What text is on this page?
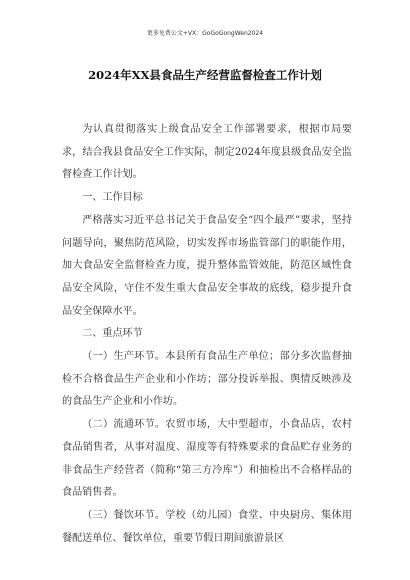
更多免费公文+VX：GoGoGongWen2024
2024年XX县食品生产经营监督检查工作计划

为认真贯彻落实上级食品安全工作部署要求，根据市局要求，结合我县食品安全工作实际，制定2024年度县级食品安全监督检查工作计划。

一、工作目标

严格落实习近平总书记关于食品安全“四个最严”要求，坚持问题导向，聚焦防范风险，切实发挥市场监管部门的职能作用，加大食品安全监督检查力度，提升整体监管效能，防范区域性食品安全风险，守住不发生重大食品安全事故的底线，稳步提升食品安全保障水平。

二、重点环节

（一）生产环节。本县所有食品生产单位；部分多次监督抽检不合格食品生产企业和小作坊；部分投诉举报、舆情反映涉及的食品生产企业和小作坊。

（二）流通环节。农贸市场，大中型超市，小食品店，农村食品销售者，从事对温度、湿度等有特殊要求的食品贮存业务的非食品生产经营者（简称“第三方冷库”）和抽检出不合格样品的食品销售者。

（三）餐饮环节。学校（幼儿园）食堂、中央厨房、集体用餐配送单位、餐饮单位，重要节假日期间旅游景区
